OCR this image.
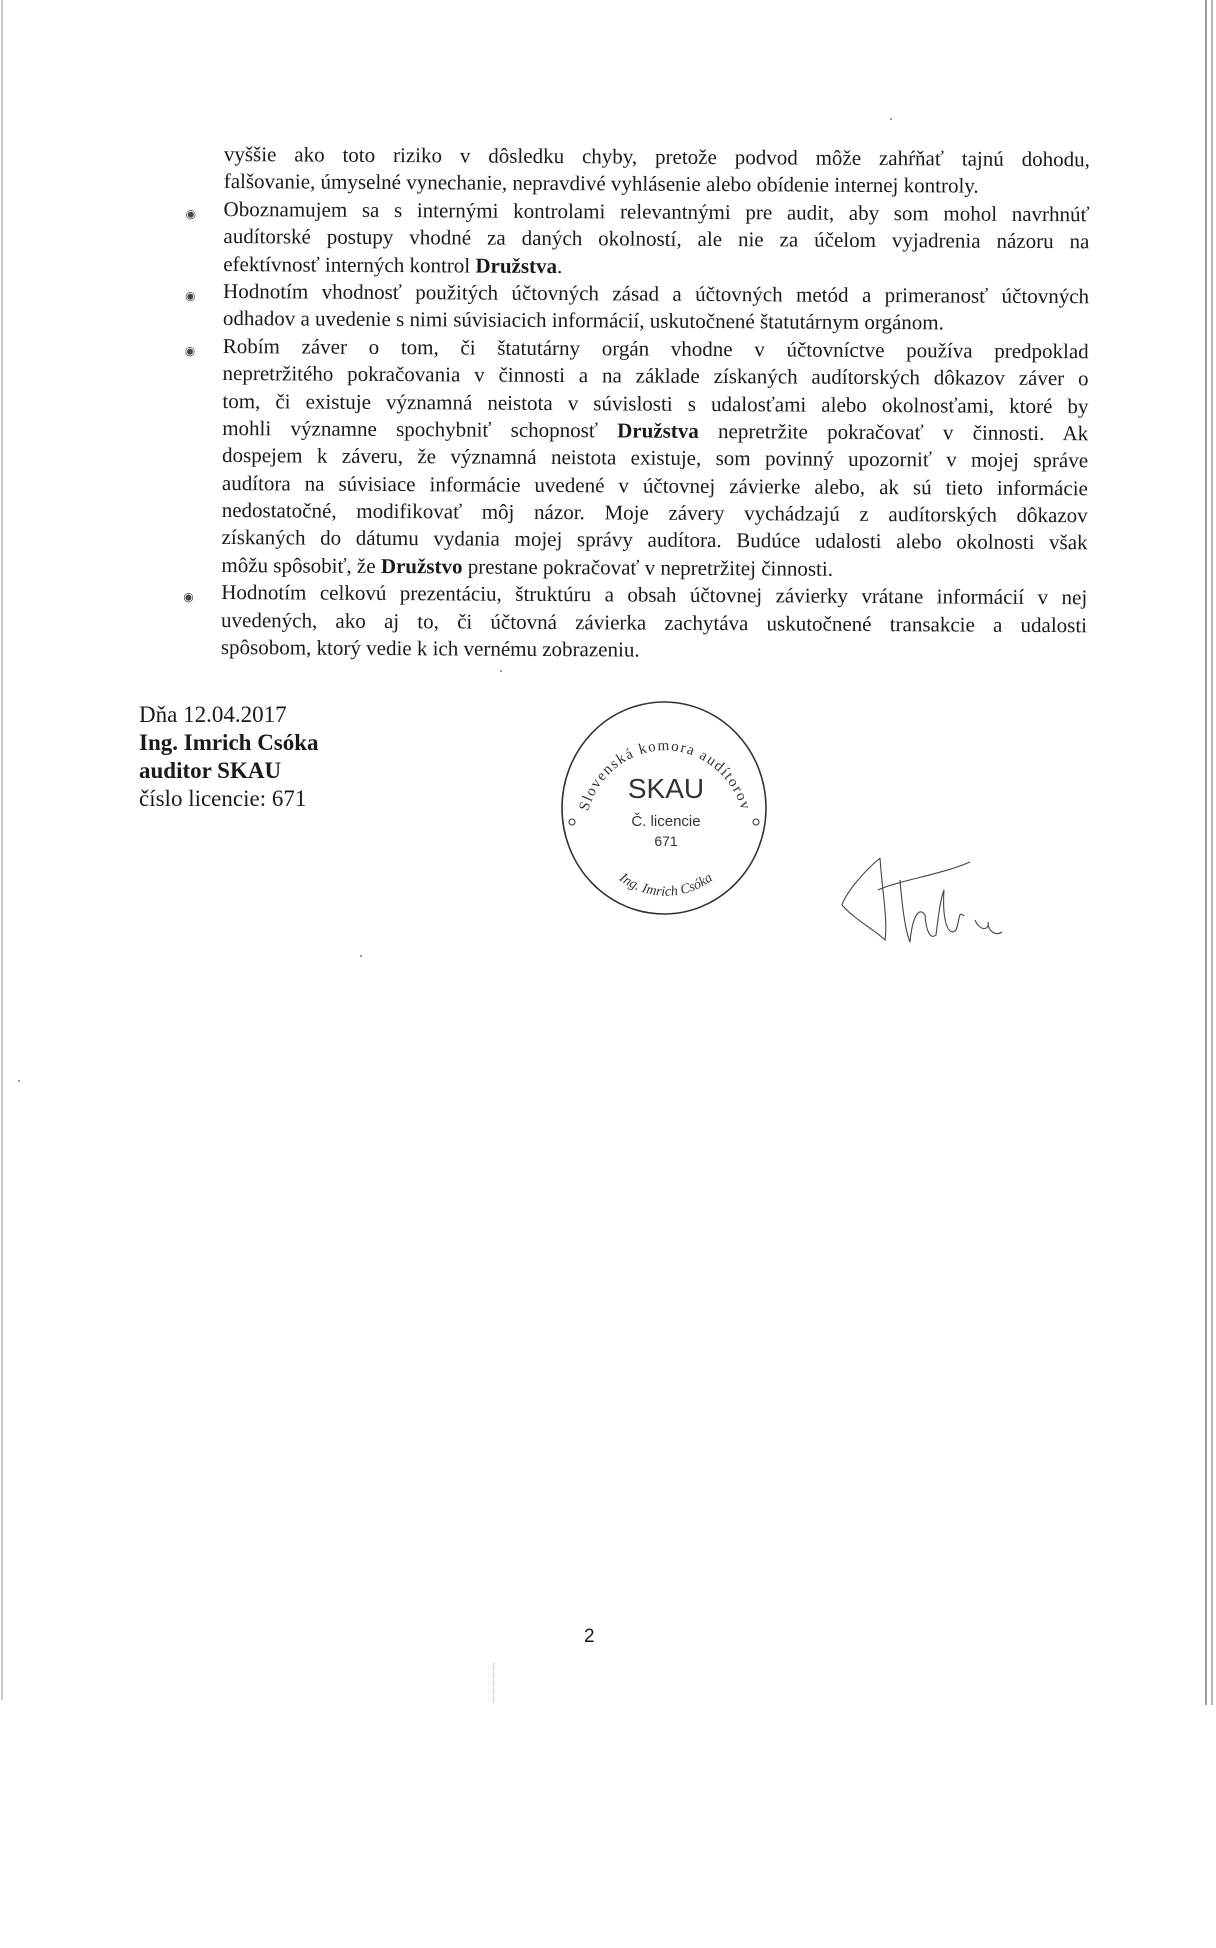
vyššie ako toto riziko v dôsledku chyby, pretože podvod môže zahŕňať tajnú dohodu,
falšovanie, úmyselné vynechanie, nepravdivé vyhlásenie alebo obídenie internej kontroly.
◉ Oboznamujem sa s internými kontrolami relevantnými pre audit, aby som mohol navrhnúť
audítorské postupy vhodné za daných okolností, ale nie za účelom vyjadrenia názoru na
efektívnosť interných kontrol Družstva.
◉ Hodnotím vhodnosť použitých účtovných zásad a účtovných metód a primeranosť účtovných
odhadov a uvedenie s nimi súvisiacich informácií, uskutočnené štatutárnym orgánom.
◉ Robím záver o tom, či štatutárny orgán vhodne v účtovníctve používa predpoklad
nepretržitého pokračovania v činnosti a na základe získaných audítorských dôkazov záver o
tom, či existuje významná neistota v súvislosti s udalosťami alebo okolnosťami, ktoré by
mohli významne spochybniť schopnosť Družstva nepretržite pokračovať v činnosti. Ak
dospejem k záveru, že významná neistota existuje, som povinný upozorniť v mojej správe
audítora na súvisiace informácie uvedené v účtovnej závierke alebo, ak sú tieto informácie
nedostatočné, modifikovať môj názor. Moje závery vychádzajú z audítorských dôkazov
získaných do dátumu vydania mojej správy audítora. Budúce udalosti alebo okolnosti však
môžu spôsobiť, že Družstvo prestane pokračovať v nepretržitej činnosti.
◉ Hodnotím celkovú prezentáciu, štruktúru a obsah účtovnej závierky vrátane informácií v nej
uvedených, ako aj to, či účtovná závierka zachytáva uskutočnené transakcie a udalosti
spôsobom, ktorý vedie k ich vernému zobrazeniu.
Dňa 12.04.2017
Ing. Imrich Csóka
auditor SKAU
číslo licencie: 671	Slovenská komora audítorov
Ing. Imrich Csóka
SKAU
Č. licencie
671
2
